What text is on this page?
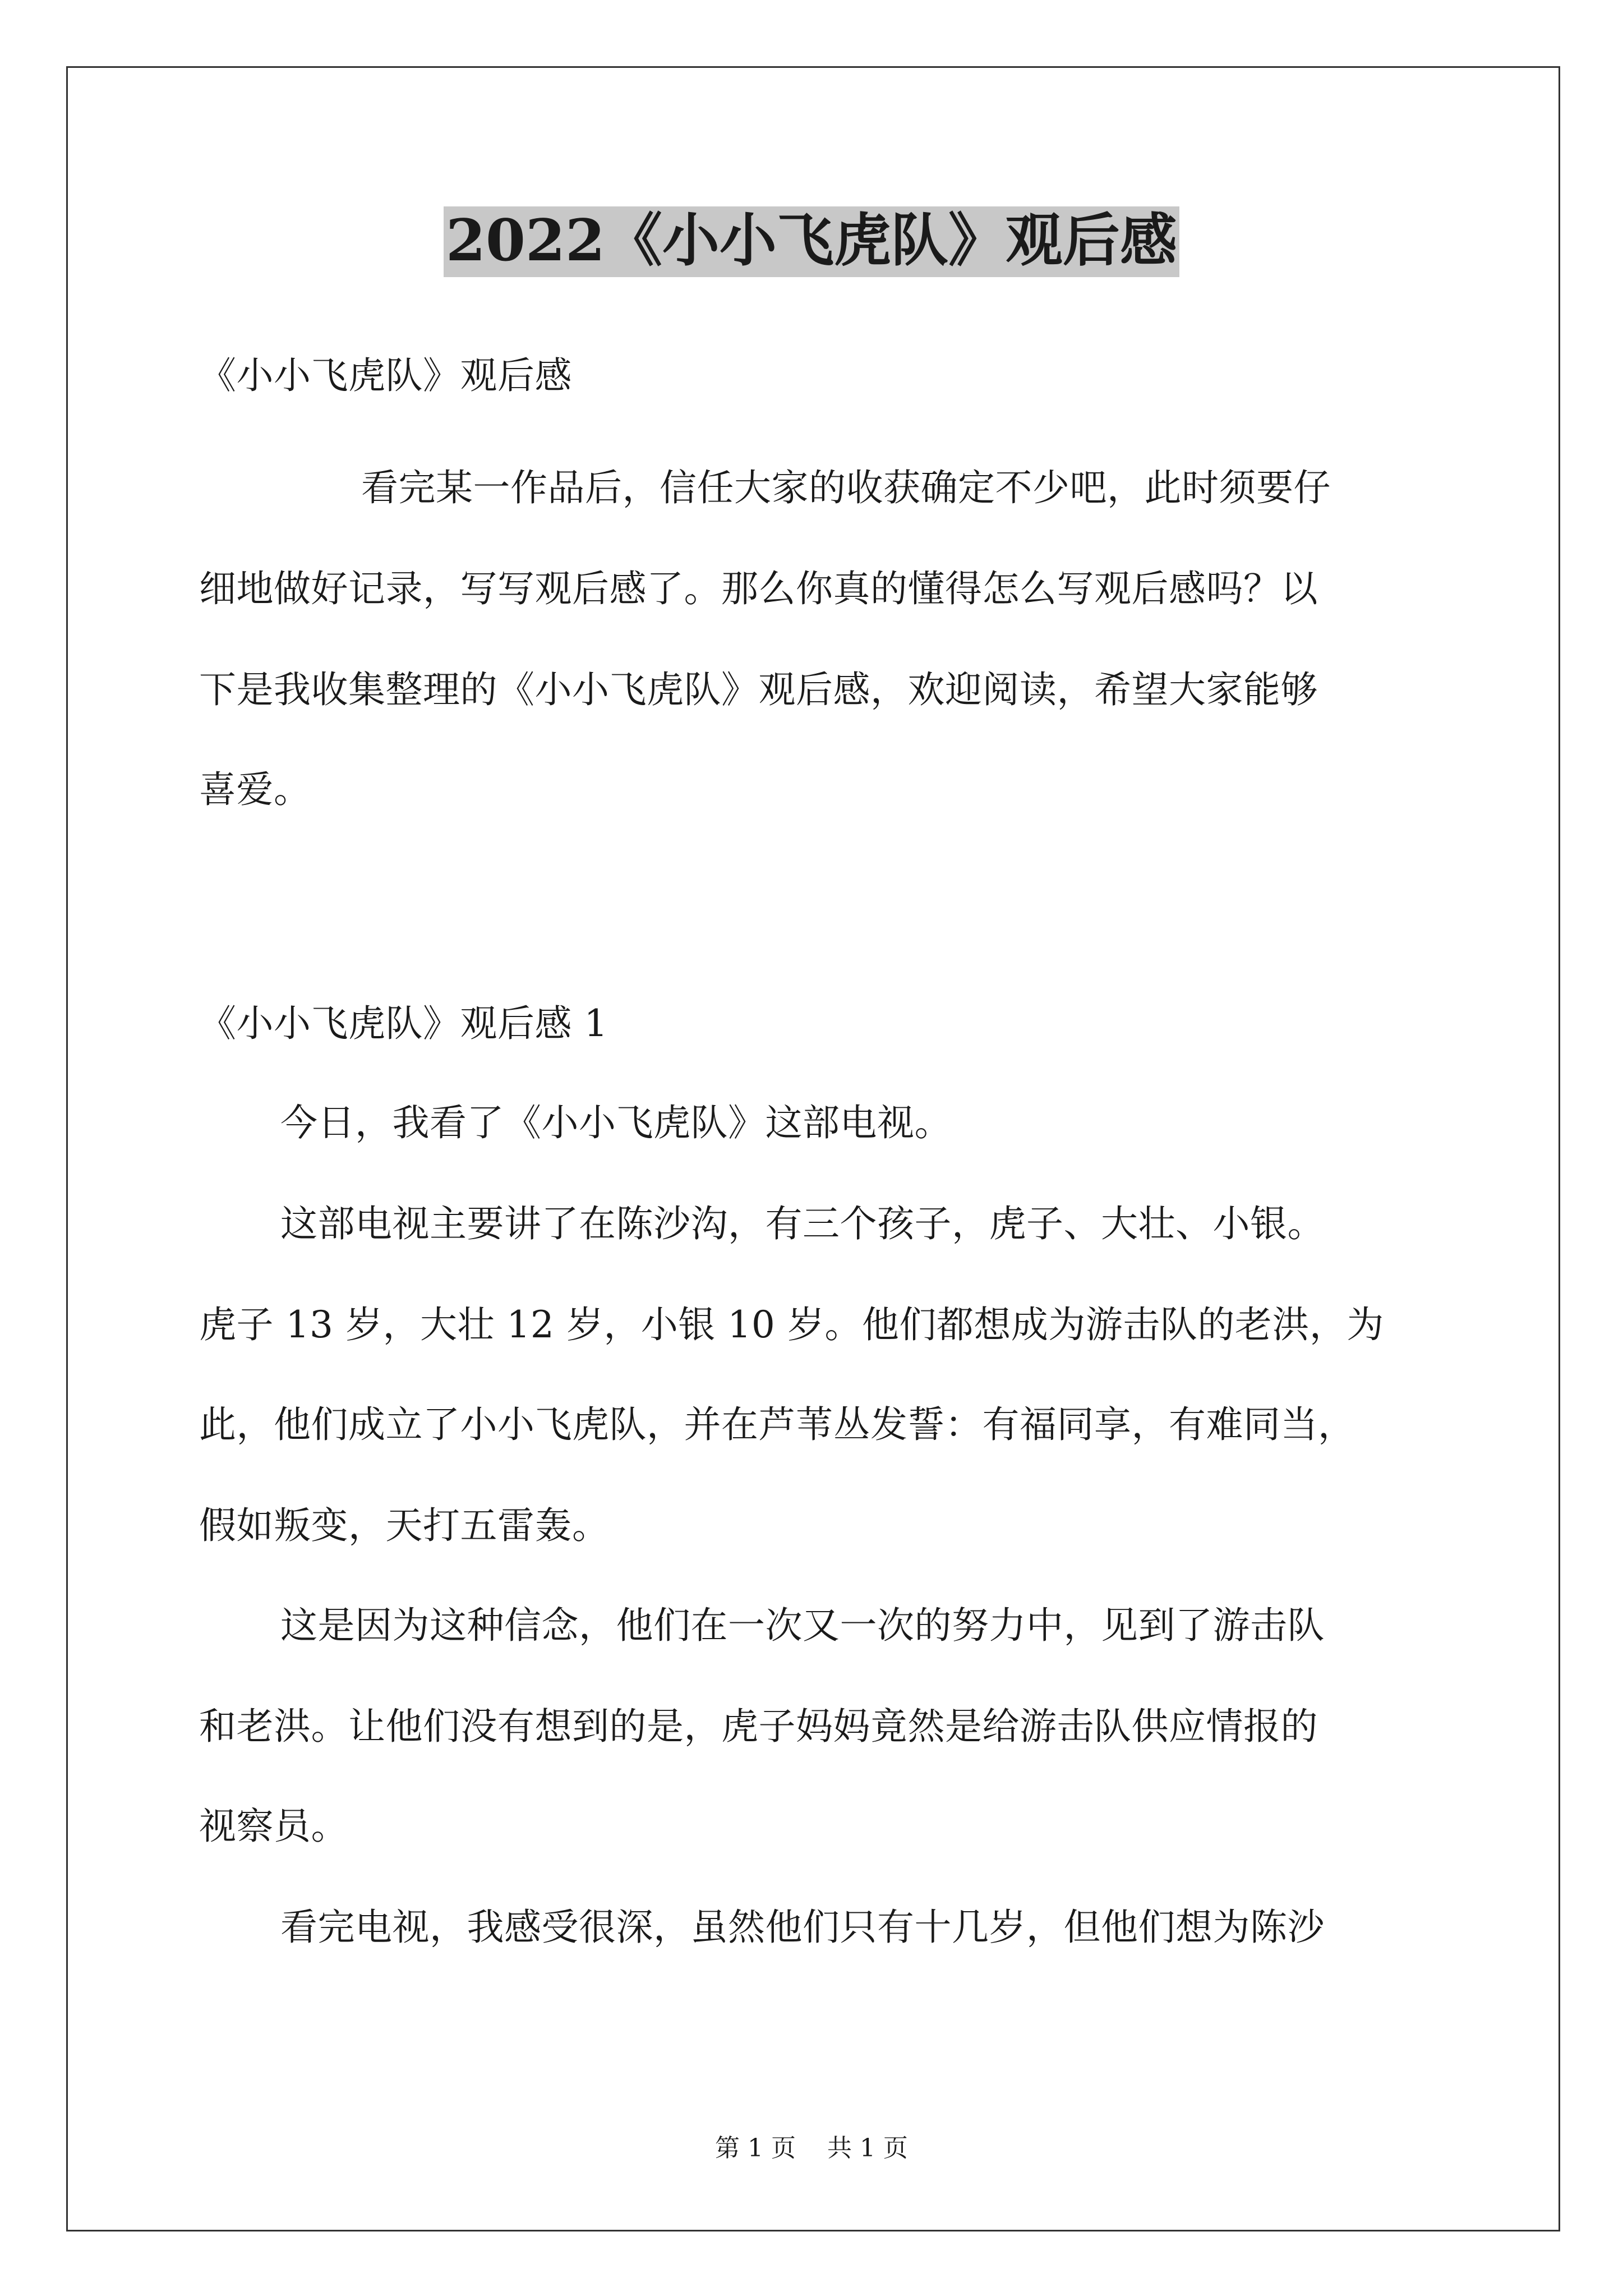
2022《小小飞虎队》观后感
《小小飞虎队》观后感
看完某一作品后，信任大家的收获确定不少吧，此时须要仔
细地做好记录，写写观后感了。那么你真的懂得怎么写观后感吗？以
下是我收集整理的《小小飞虎队》观后感，欢迎阅读，希望大家能够
喜爱。
《小小飞虎队》观后感 1
今日，我看了《小小飞虎队》这部电视。
这部电视主要讲了在陈沙沟，有三个孩子，虎子、大壮、小银。
虎子 13 岁，大壮 12 岁，小银 10 岁。他们都想成为游击队的老洪，为
此，他们成立了小小飞虎队，并在芦苇丛发誓：有福同享，有难同当，
假如叛变，天打五雷轰。
这是因为这种信念，他们在一次又一次的努力中，见到了游击队
和老洪。让他们没有想到的是，虎子妈妈竟然是给游击队供应情报的
视察员。
看完电视，我感受很深，虽然他们只有十几岁，但他们想为陈沙
第 1 页    共 1 页
